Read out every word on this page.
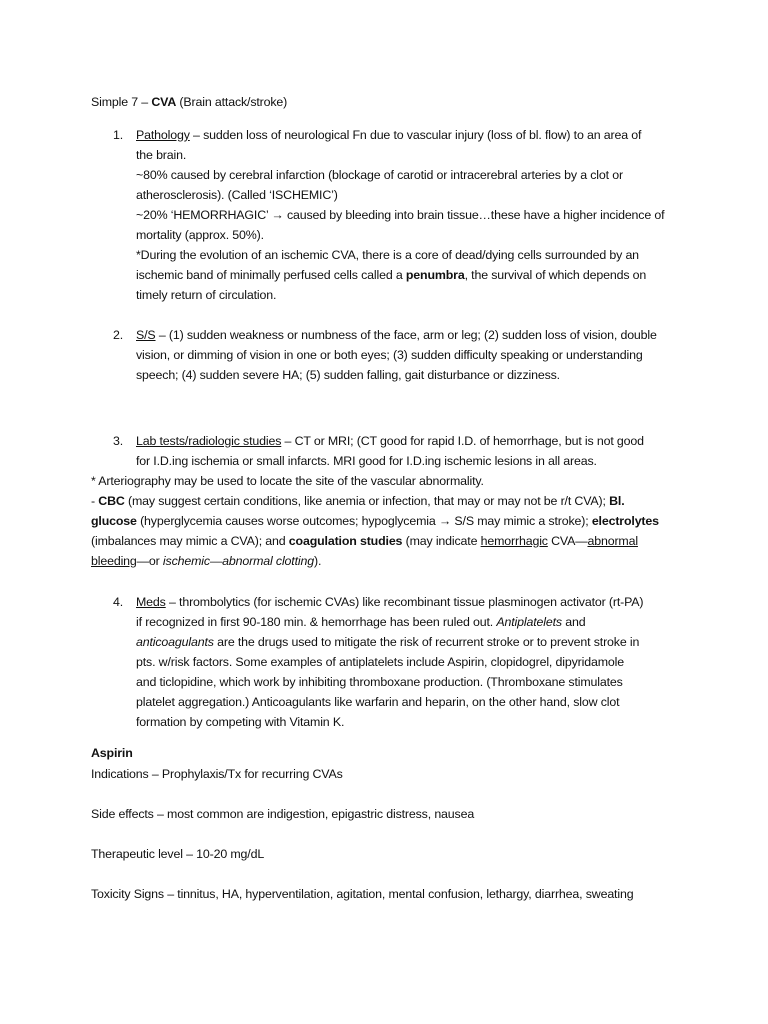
Simple 7 – CVA (Brain attack/stroke)
1. Pathology – sudden loss of neurological Fn due to vascular injury (loss of bl. flow) to an area of
the brain.
~80% caused by cerebral infarction (blockage of carotid or intracerebral arteries by a clot or
atherosclerosis). (Called ‘ISCHEMIC’)
~20% ‘HEMORRHAGIC’ → caused by bleeding into brain tissue…these have a higher incidence of
mortality (approx. 50%).
*During the evolution of an ischemic CVA, there is a core of dead/dying cells surrounded by an
ischemic band of minimally perfused cells called a penumbra, the survival of which depends on
timely return of circulation.
2. S/S – (1) sudden weakness or numbness of the face, arm or leg; (2) sudden loss of vision, double
vision, or dimming of vision in one or both eyes; (3) sudden difficulty speaking or understanding
speech; (4) sudden severe HA; (5) sudden falling, gait disturbance or dizziness.
3. Lab tests/radiologic studies – CT or MRI; (CT good for rapid I.D. of hemorrhage, but is not good
for I.D.ing ischemia or small infarcts. MRI good for I.D.ing ischemic lesions in all areas.
* Arteriography may be used to locate the site of the vascular abnormality.
- CBC (may suggest certain conditions, like anemia or infection, that may or may not be r/t CVA); Bl.
glucose (hyperglycemia causes worse outcomes; hypoglycemia → S/S may mimic a stroke); electrolytes
(imbalances may mimic a CVA); and coagulation studies (may indicate hemorrhagic CVA—abnormal
bleeding—or ischemic—abnormal clotting).
4. Meds – thrombolytics (for ischemic CVAs) like recombinant tissue plasminogen activator (rt-PA)
if recognized in first 90-180 min. & hemorrhage has been ruled out. Antiplatelets and
anticoagulants are the drugs used to mitigate the risk of recurrent stroke or to prevent stroke in
pts. w/risk factors. Some examples of antiplatelets include Aspirin, clopidogrel, dipyridamole
and ticlopidine, which work by inhibiting thromboxane production. (Thromboxane stimulates
platelet aggregation.) Anticoagulants like warfarin and heparin, on the other hand, slow clot
formation by competing with Vitamin K.
Aspirin
Indications – Prophylaxis/Tx for recurring CVAs
Side effects – most common are indigestion, epigastric distress, nausea
Therapeutic level – 10-20 mg/dL
Toxicity Signs – tinnitus, HA, hyperventilation, agitation, mental confusion, lethargy, diarrhea, sweating
